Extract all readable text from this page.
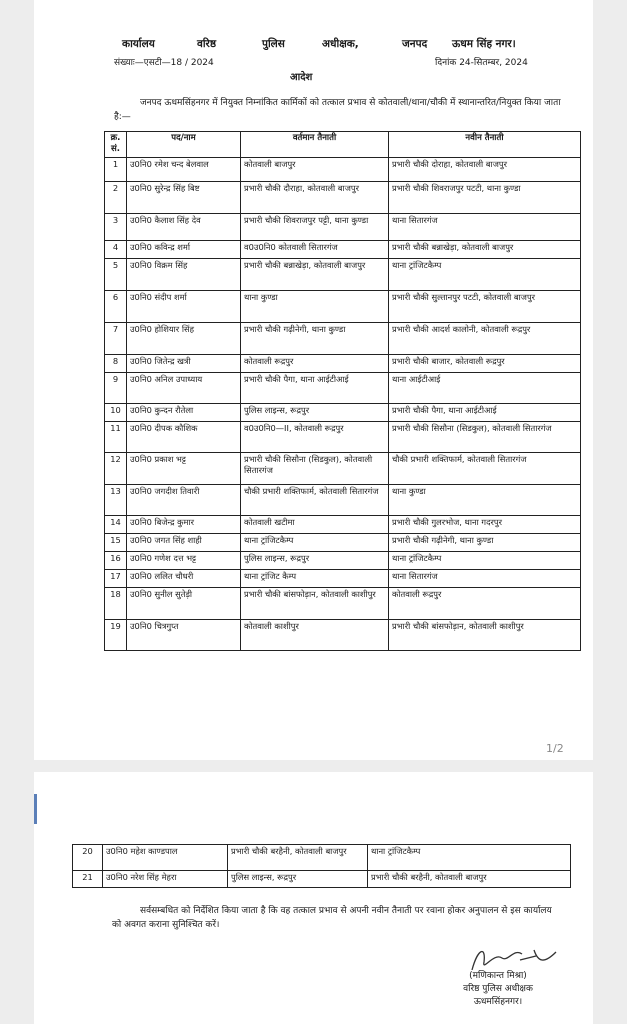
कार्यालय	वरिष्ठ	पुलिस	अधीक्षक,	जनपद ऊधम सिंह नगर।
संख्याः—एसटी—18 / 2024	दिनांक 24-सितम्बर, 2024
आदेश
जनपद ऊधमसिंहनगर में नियुक्त निम्नांकित कार्मिकों को तत्काल प्रभाव से कोतवाली/थाना/चौकी में स्थानान्तरित/नियुक्त किया जाता है:—
क्र. सं.	पद/नाम	वर्तमान तैनाती	नवीन तैनाती
1	उ0नि0 रमेश चन्द बेलवाल	कोतवाली बाजपुर	प्रभारी चौकी दोराहा, कोतवाली बाजपुर
2	उ0नि0 सुरेन्द्र सिंह बिष्ट	प्रभारी चौकी दौराहा, कोतवाली बाजपुर	प्रभारी चौकी शिवराजपुर पटटी, थाना कुण्डा
3	उ0नि0 कैलाश सिंह देव	प्रभारी चौकी शिवराजपुर पट्टी, थाना कुण्डा	थाना सितारगंज
4	उ0नि0 कविन्द्र शर्मा	व0उ0नि0 कोतवाली सितारगंज	प्रभारी चौकी बन्नाखेड़ा, कोतवाली बाजपुर
5	उ0नि0 विक्रम सिंह	प्रभारी चौकी बन्नाखेड़ा, कोतवाली बाजपुर	थाना ट्रांजिटकैम्प
6	उ0नि0 संदीप शर्मा	थाना कुण्डा	प्रभारी चौकी सुल्तानपुर पटटी, कोतवाली बाजपुर
7	उ0नि0 होशियार सिंह	प्रभारी चौकी गढ़ीनेगी, थाना कुण्डा	प्रभारी चौकी आदर्श कालोनी, कोतवाली रूद्रपुर
8	उ0नि0 जितेन्द्र खत्री	कोतवाली रूद्रपुर	प्रभारी चौकी बाजार, कोतवाली रूद्रपुर
9	उ0नि0 अनिल उपाध्याय	प्रभारी चौकी पैगा, थाना आईटीआई	थाना आईटीआई
10	उ0नि0 कुन्दन रौतेला	पुलिस लाइन्स, रूद्रपुर	प्रभारी चौकी पैगा, थाना आईटीआई
11	उ0नि0 दीपक कौशिक	व0उ0नि0—II, कोतवाली रूद्रपुर	प्रभारी चौकी सिसौना (सिडकुल), कोतवाली सितारगंज
12	उ0नि0 प्रकाश भट्ट	प्रभारी चौकी सिसौना (सिडकुल), कोतवाली सितारगंज	चौकी प्रभारी शक्तिफार्म, कोतवाली सितारगंज
13	उ0नि0 जगदीश तिवारी	चौकी प्रभारी शक्तिफार्म, कोतवाली सितारगंज	थाना कुण्डा
14	उ0नि0 बिजेन्द्र कुमार	कोतवाली खटीमा	प्रभारी चौकी गुलरभोज, थाना गदरपुर
15	उ0नि0 जगत सिंह शाही	थाना ट्रांजिटकैम्प	प्रभारी चौकी गढ़ीनेगी, थाना कुण्डा
16	उ0नि0 गणेश दत्त भट्ट	पुलिस लाइन्स, रूद्रपुर	थाना ट्रांजिटकैम्प
17	उ0नि0 ललित चौधरी	थाना ट्रांजिट कैम्प	थाना सितारगंज
18	उ0नि0 सुनील सुतेड़ी	प्रभारी चौकी बांसफोड़ान, कोतवाली काशीपुर	कोतवाली रूद्रपुर
19	उ0नि0 चित्रगुप्त	कोतवाली काशीपुर	प्रभारी चौकी बांसफोड़ान, कोतवाली काशीपुर
1/2
20	उ0नि0 महेश काण्डपाल	प्रभारी चौकी बरहैनी, कोतवाली बाजपुर	थाना ट्रांजिटकैम्प
21	उ0नि0 नरेश सिंह मेहरा	पुलिस लाइन्स, रूद्रपुर	प्रभारी चौकी बरहैनी, कोतवाली बाजपुर
सर्वसम्बधित को निर्देशित किया जाता है कि वह तत्काल प्रभाव से अपनी नवीन तैनाती पर रवाना होकर अनुपालन से इस कार्यालय को अवगत कराना सुनिश्चित करें।
(मणिकान्त मिश्रा)
वरिष्ठ पुलिस अधीक्षक
ऊधमसिंहनगर।
